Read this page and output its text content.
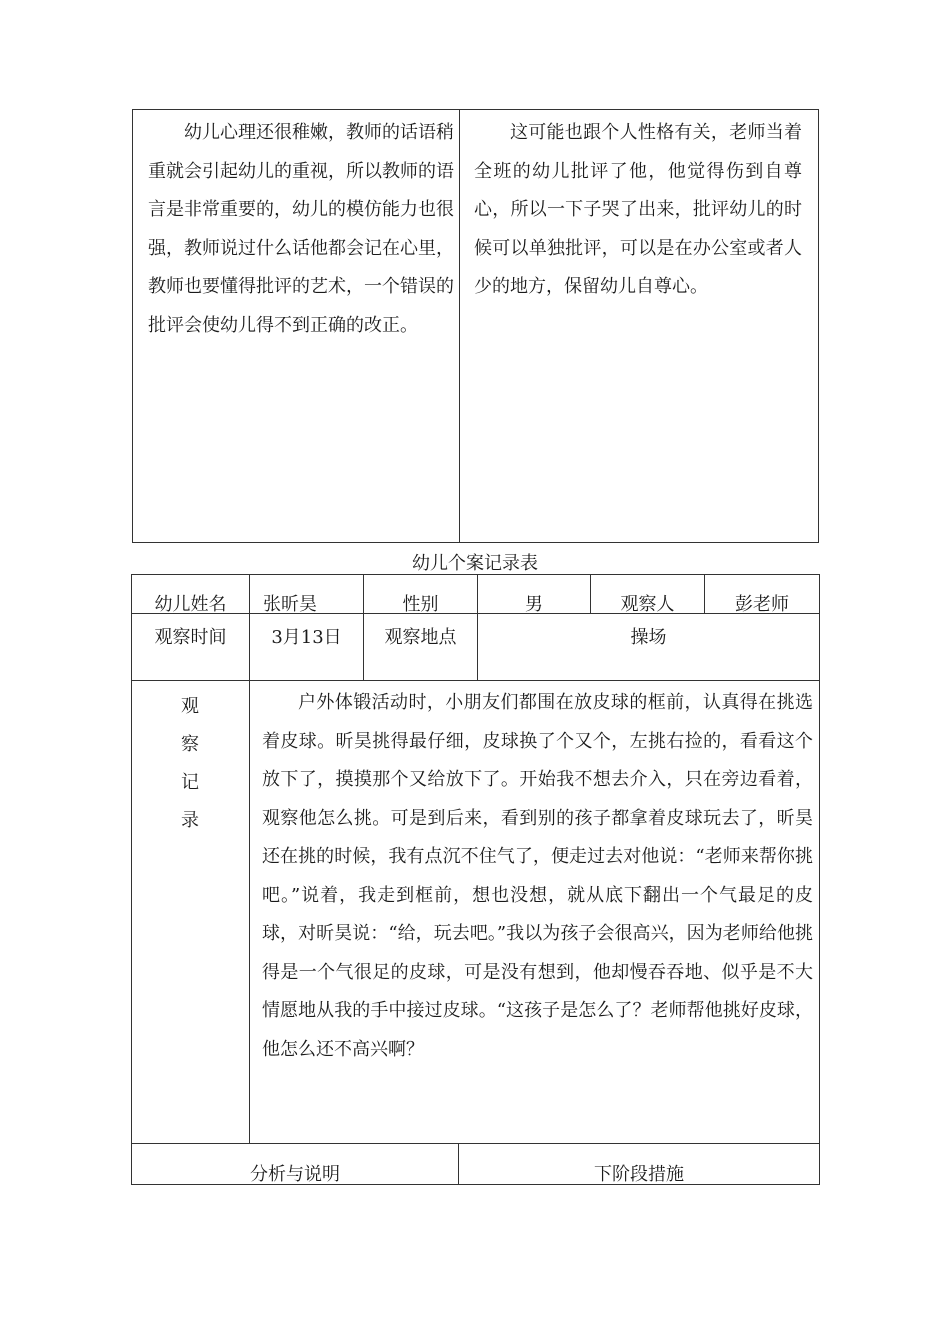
幼儿心理还很稚嫩，教师的话语稍重就会引起幼儿的重视，所以教师的语言是非常重要的，幼儿的模仿能力也很强，教师说过什么话他都会记在心里，教师也要懂得批评的艺术，一个错误的批评会使幼儿得不到正确的改正。

这可能也跟个人性格有关，老师当着全班的幼儿批评了他，他觉得伤到自尊心，所以一下子哭了出来，批评幼儿的时候可以单独批评，可以是在办公室或者人少的地方，保留幼儿自尊心。

幼儿个案记录表
幼儿姓名	张昕昊	性别	男	观察人	彭老师
观察时间	3月13日	观察地点	操场
观
察
记
录

户外体锻活动时，小朋友们都围在放皮球的框前，认真得在挑选着皮球。昕昊挑得最仔细，皮球换了个又个，左挑右捡的，看看这个放下了，摸摸那个又给放下了。开始我不想去介入，只在旁边看着，观察他怎么挑。可是到后来，看到别的孩子都拿着皮球玩去了，昕昊还在挑的时候，我有点沉不住气了，便走过去对他说：“老师来帮你挑吧。”说着，我走到框前，想也没想，就从底下翻出一个气最足的皮球，对昕昊说：“给，玩去吧。”我以为孩子会很高兴，因为老师给他挑得是一个气很足的皮球，可是没有想到，他却慢吞吞地、似乎是不大情愿地从我的手中接过皮球。“这孩子是怎么了？老师帮他挑好皮球，他怎么还不高兴啊？

分析与说明	下阶段措施
